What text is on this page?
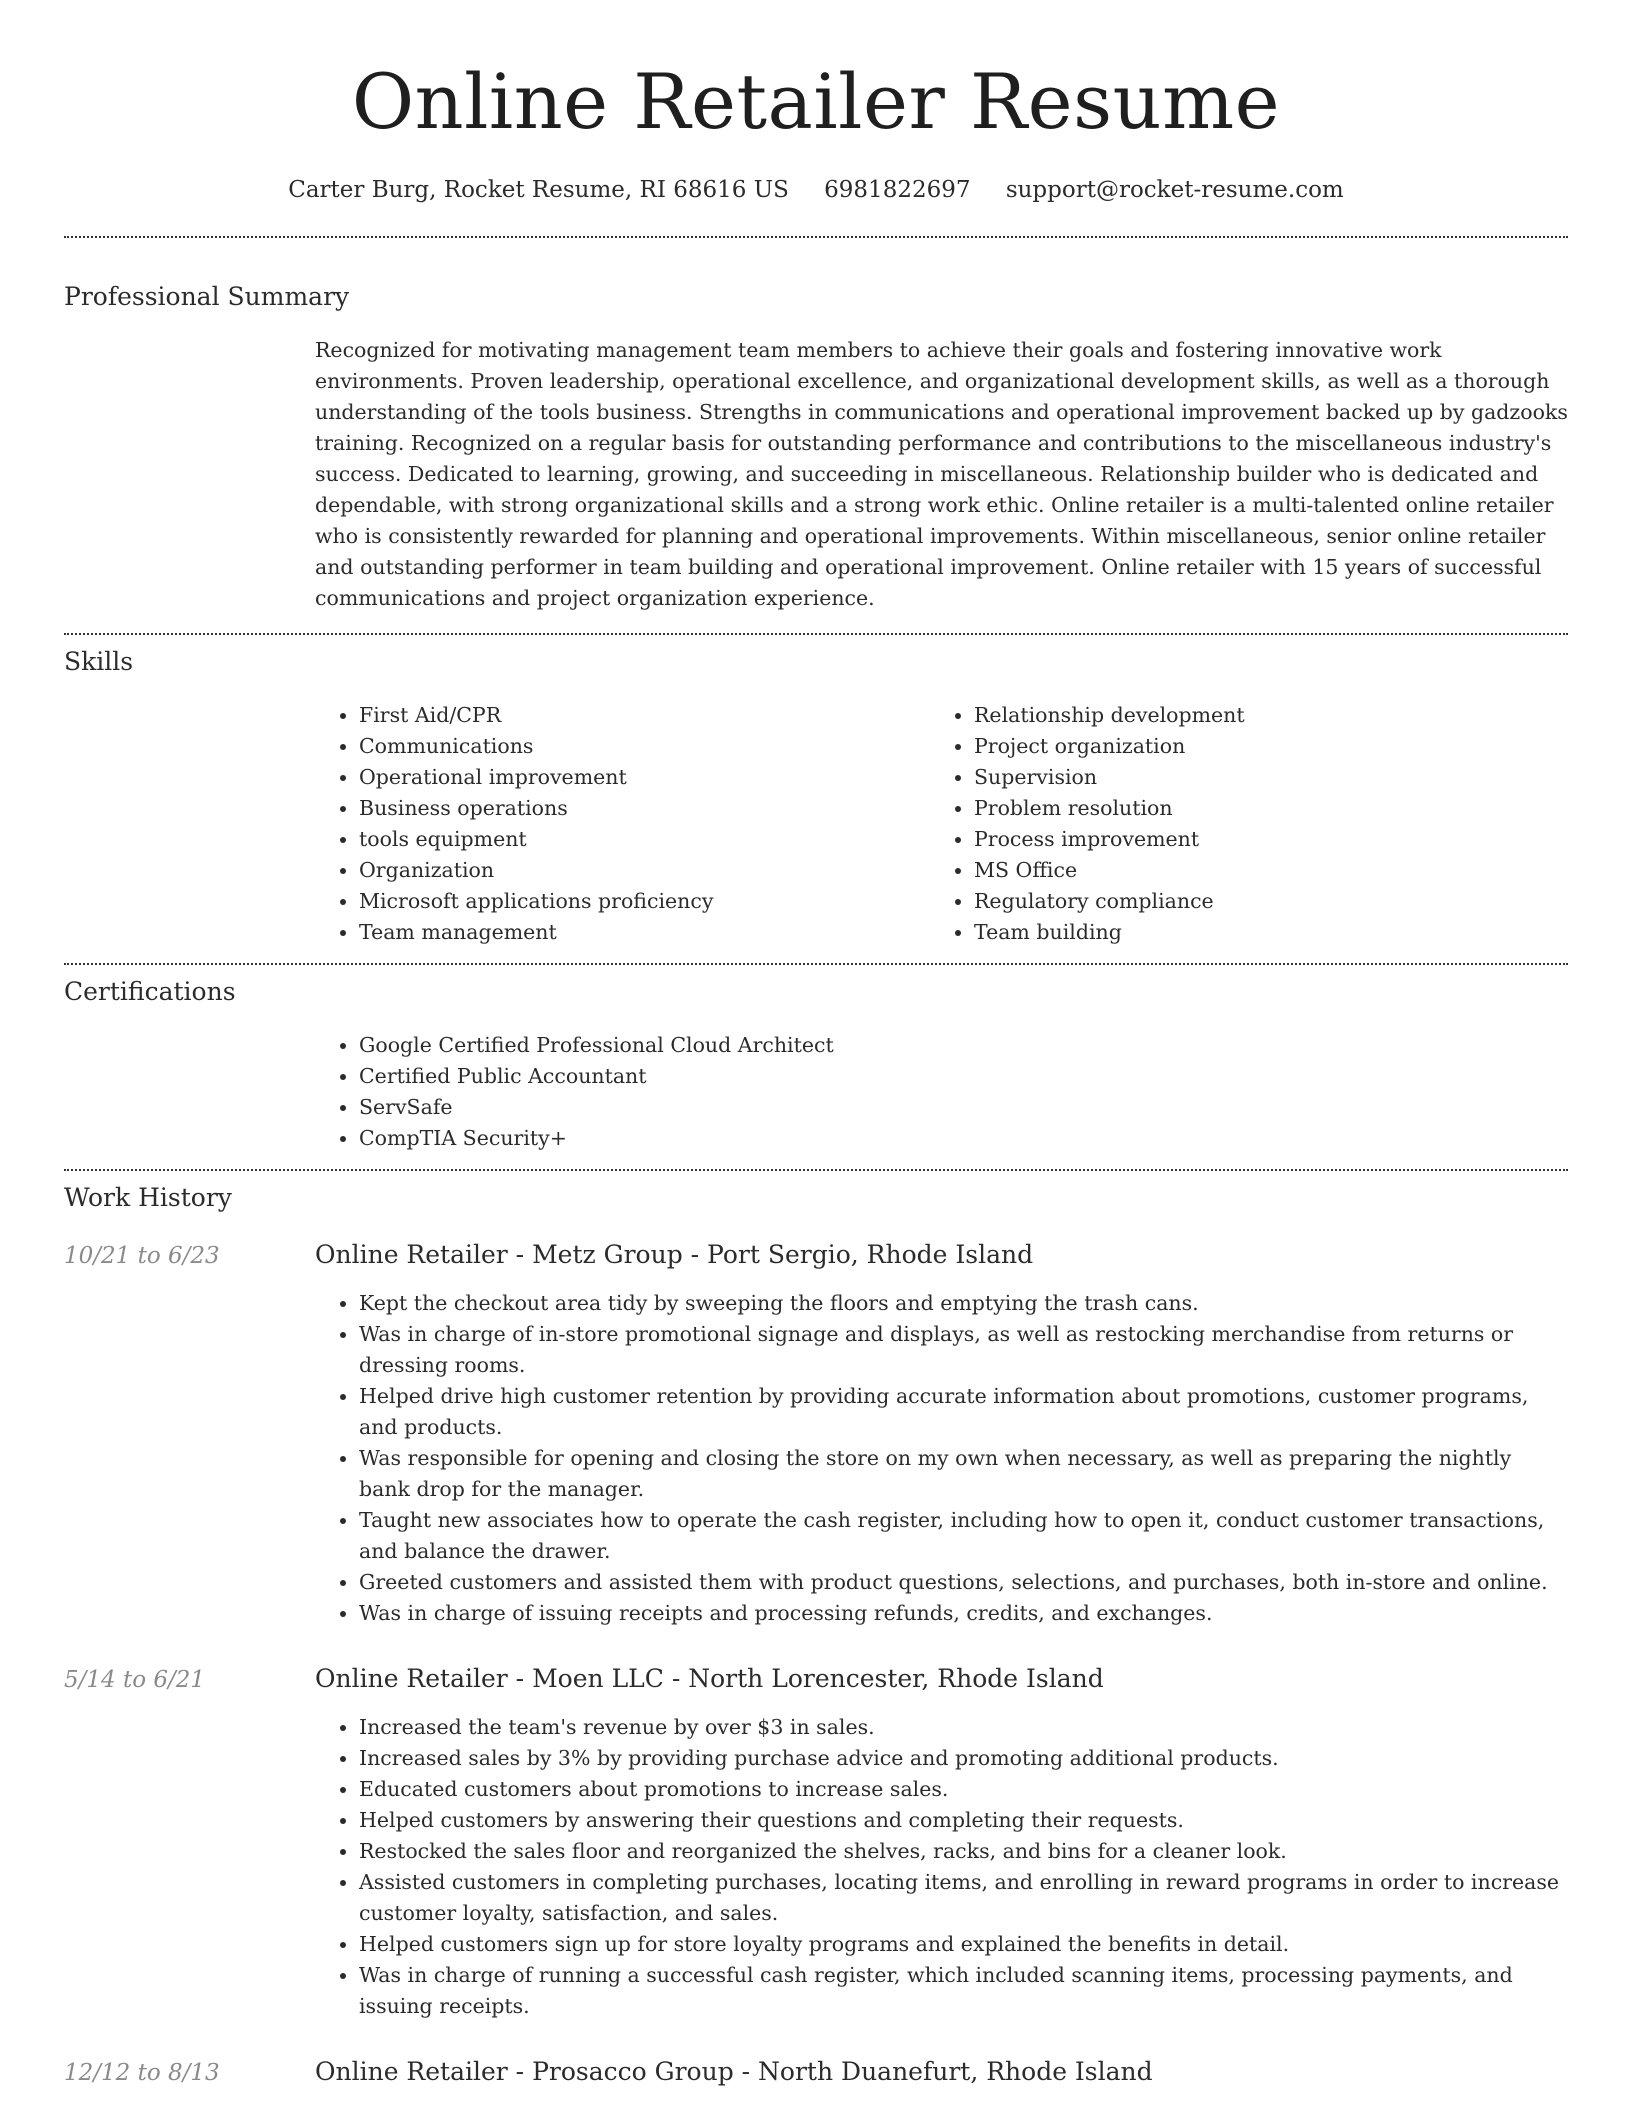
Online Retailer Resume
Carter Burg, Rocket Resume, RI 68616 US 6981822697 support@rocket-resume.com
Professional Summary
Recognized for motivating management team members to achieve their goals and fostering innovative work environments. Proven leadership, operational excellence, and organizational development skills, as well as a thorough understanding of the tools business. Strengths in communications and operational improvement backed up by gadzooks training. Recognized on a regular basis for outstanding performance and contributions to the miscellaneous industry's success. Dedicated to learning, growing, and succeeding in miscellaneous. Relationship builder who is dedicated and dependable, with strong organizational skills and a strong work ethic. Online retailer is a multi-talented online retailer who is consistently rewarded for planning and operational improvements. Within miscellaneous, senior online retailer and outstanding performer in team building and operational improvement. Online retailer with 15 years of successful communications and project organization experience.
Skills
• First Aid/CPR
• Communications
• Operational improvement
• Business operations
• tools equipment
• Organization
• Microsoft applications proficiency
• Team management
• Relationship development
• Project organization
• Supervision
• Problem resolution
• Process improvement
• MS Office
• Regulatory compliance
• Team building
Certifications
• Google Certified Professional Cloud Architect
• Certified Public Accountant
• ServSafe
• CompTIA Security+
Work History
10/21 to 6/23	Online Retailer - Metz Group - Port Sergio, Rhode Island
• Kept the checkout area tidy by sweeping the floors and emptying the trash cans.
• Was in charge of in-store promotional signage and displays, as well as restocking merchandise from returns or dressing rooms.
• Helped drive high customer retention by providing accurate information about promotions, customer programs, and products.
• Was responsible for opening and closing the store on my own when necessary, as well as preparing the nightly bank drop for the manager.
• Taught new associates how to operate the cash register, including how to open it, conduct customer transactions, and balance the drawer.
• Greeted customers and assisted them with product questions, selections, and purchases, both in-store and online.
• Was in charge of issuing receipts and processing refunds, credits, and exchanges.
5/14 to 6/21	Online Retailer - Moen LLC - North Lorencester, Rhode Island
• Increased the team's revenue by over $3 in sales.
• Increased sales by 3% by providing purchase advice and promoting additional products.
• Educated customers about promotions to increase sales.
• Helped customers by answering their questions and completing their requests.
• Restocked the sales floor and reorganized the shelves, racks, and bins for a cleaner look.
• Assisted customers in completing purchases, locating items, and enrolling in reward programs in order to increase customer loyalty, satisfaction, and sales.
• Helped customers sign up for store loyalty programs and explained the benefits in detail.
• Was in charge of running a successful cash register, which included scanning items, processing payments, and issuing receipts.
12/12 to 8/13	Online Retailer - Prosacco Group - North Duanefurt, Rhode Island
